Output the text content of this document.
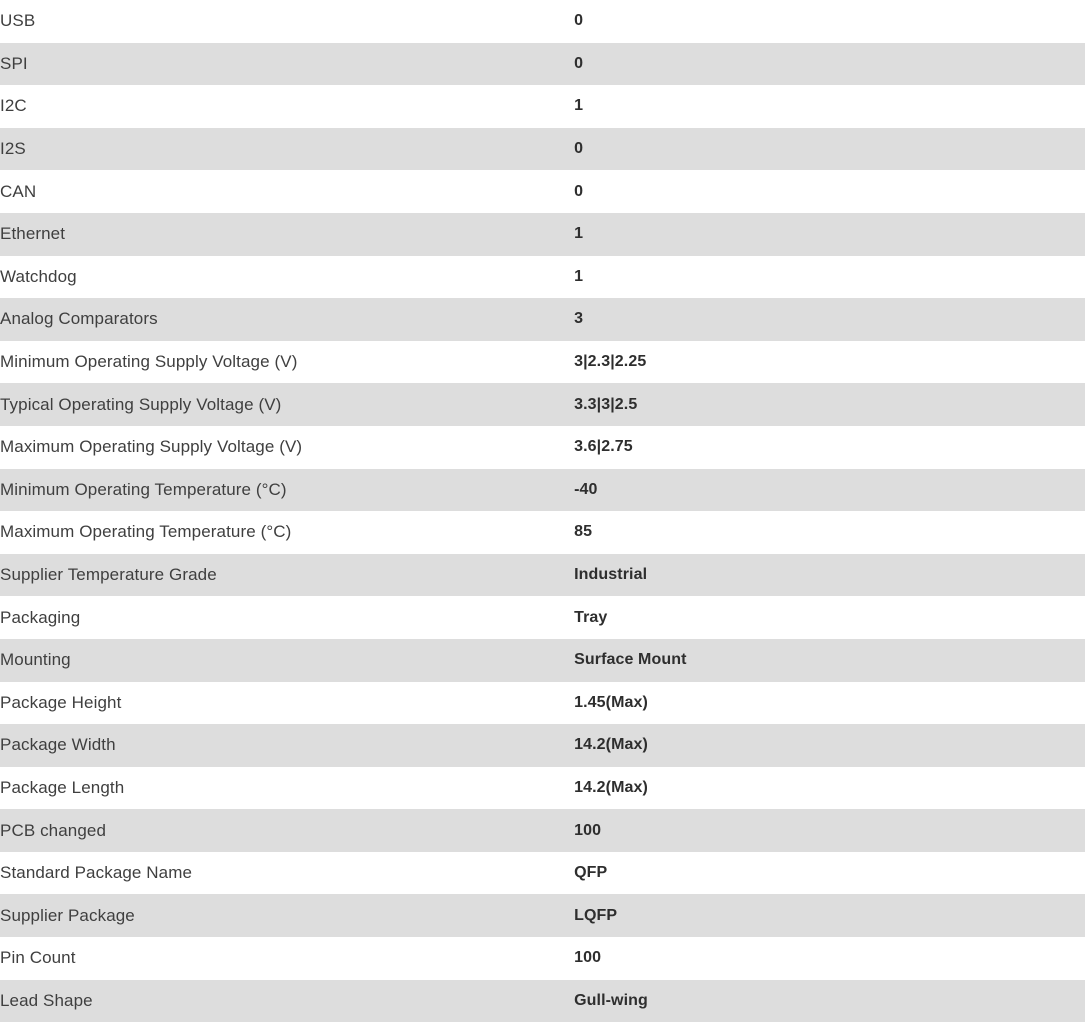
USB	0
SPI	0
I2C	1
I2S	0
CAN	0
Ethernet	1
Watchdog	1
Analog Comparators	3
Minimum Operating Supply Voltage (V)	3|2.3|2.25
Typical Operating Supply Voltage (V)	3.3|3|2.5
Maximum Operating Supply Voltage (V)	3.6|2.75
Minimum Operating Temperature (°C)	-40
Maximum Operating Temperature (°C)	85
Supplier Temperature Grade	Industrial
Packaging	Tray
Mounting	Surface Mount
Package Height	1.45(Max)
Package Width	14.2(Max)
Package Length	14.2(Max)
PCB changed	100
Standard Package Name	QFP
Supplier Package	LQFP
Pin Count	100
Lead Shape	Gull-wing
